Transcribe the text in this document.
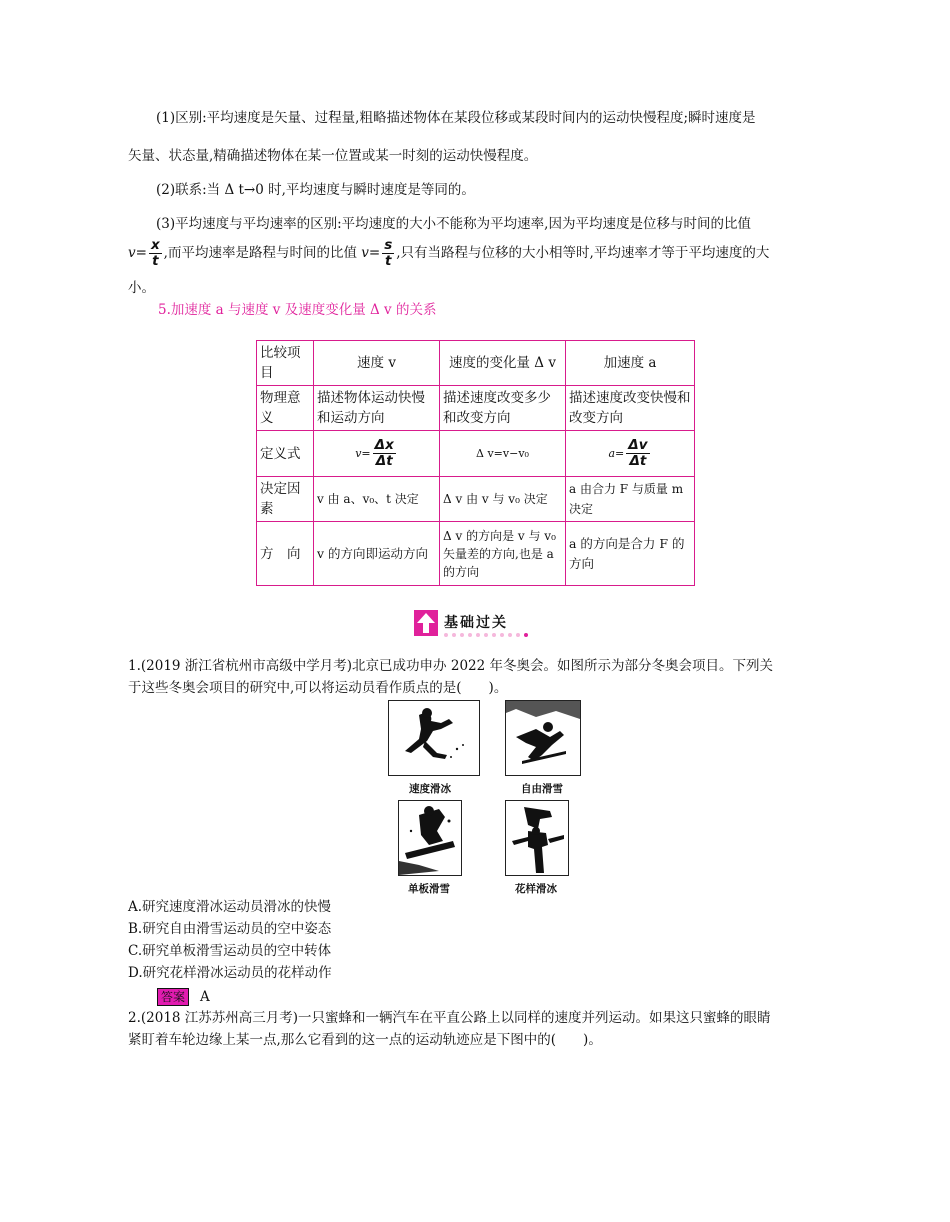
(1)区别:平均速度是矢量、过程量,粗略描述物体在某段位移或某段时间内的运动快慢程度;瞬时速度是

矢量、状态量,精确描述物体在某一位置或某一时刻的运动快慢程度。

(2)联系:当 Δ t→0 时,平均速度与瞬时速度是等同的。

(3)平均速度与平均速率的区别:平均速度的大小不能称为平均速率,因为平均速度是位移与时间的比值

$v= \frac{x}{t}$ ,而平均速率是路程与时间的比值 $v= \frac{s}{t}$ ,只有当路程与位移的大小相等时,平均速率才等于平均速度的大

小。

5.加速度 a 与速度 v 及速度变化量 Δ v 的关系

比较项目	速度 v	速度的变化量 Δ v	加速度 a
物理意义	描述物体运动快慢和运动方向	描述速度改变多少和改变方向	描述速度改变快慢和改变方向
定义式	$v= \frac{\Delta x}{\Delta t}$	Δ v=v−v₀	$a= \frac{\Delta v}{\Delta t}$

决定因素	v 由 a、v₀、t 决定	Δ v 由 v 与 v₀ 决定	a 由合力 F 与质量 m 决定
方　向	v 的方向即运动方向	Δ v 的方向是 v 与 v₀ 矢量差的方向,也是 a 的方向	a 的方向是合力 F 的方向
基础过关

1.(2019 浙江省杭州市高级中学月考)北京已成功申办 2022 年冬奥会。如图所示为部分冬奥会项目。下列关

于这些冬奥会项目的研究中,可以将运动员看作质点的是(　　)。

速度滑冰	自由滑雪
单板滑雪	花样滑冰
A.研究速度滑冰运动员滑冰的快慢
B.研究自由滑雪运动员的空中姿态
C.研究单板滑雪运动员的空中转体
D.研究花样滑冰运动员的花样动作
答案 A

2.(2018 江苏苏州高三月考)一只蜜蜂和一辆汽车在平直公路上以同样的速度并列运动。如果这只蜜蜂的眼睛

紧盯着车轮边缘上某一点,那么它看到的这一点的运动轨迹应是下图中的(　　)。
